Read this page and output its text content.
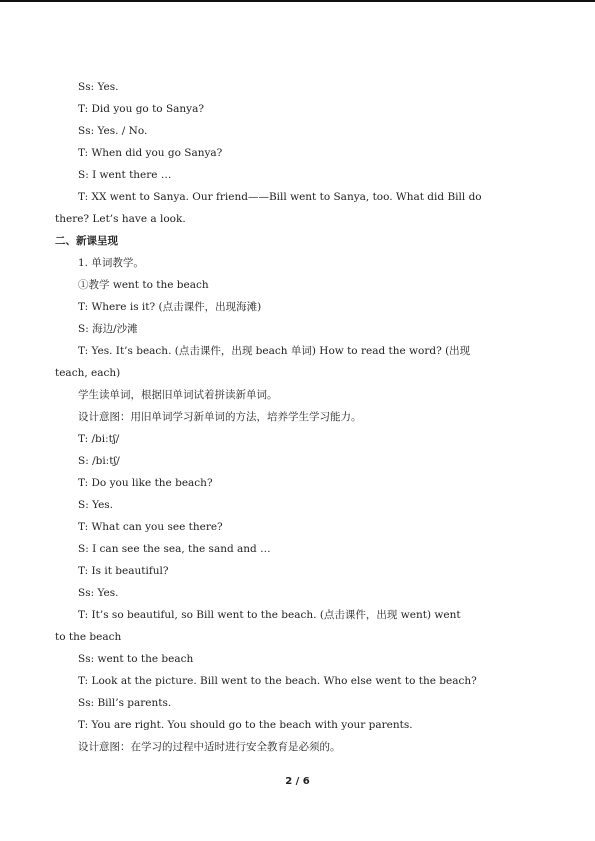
Ss: Yes.
T: Did you go to Sanya?
Ss: Yes. / No.
T: When did you go Sanya?
S: I went there …
T: XX went to Sanya. Our friend——Bill went to Sanya, too. What did Bill do
there? Let’s have a look.
二、新课呈现
1. 单词教学。
①教学 went to the beach
T: Where is it? (点击课件，出现海滩)
S: 海边/沙滩
T: Yes. It’s beach. (点击课件，出现 beach 单词) How to read the word? (出现
teach, each)
学生读单词，根据旧单词试着拼读新单词。
设计意图：用旧单词学习新单词的方法，培养学生学习能力。
T: /biːtʃ/
S: /biːtʃ/
T: Do you like the beach?
S: Yes.
T: What can you see there?
S: I can see the sea, the sand and …
T: Is it beautiful?
Ss: Yes.
T: It’s so beautiful, so Bill went to the beach. (点击课件，出现 went) went
to the beach
Ss: went to the beach
T: Look at the picture. Bill went to the beach. Who else went to the beach?
Ss: Bill’s parents.
T: You are right. You should go to the beach with your parents.
设计意图：在学习的过程中适时进行安全教育是必须的。
2 / 6
